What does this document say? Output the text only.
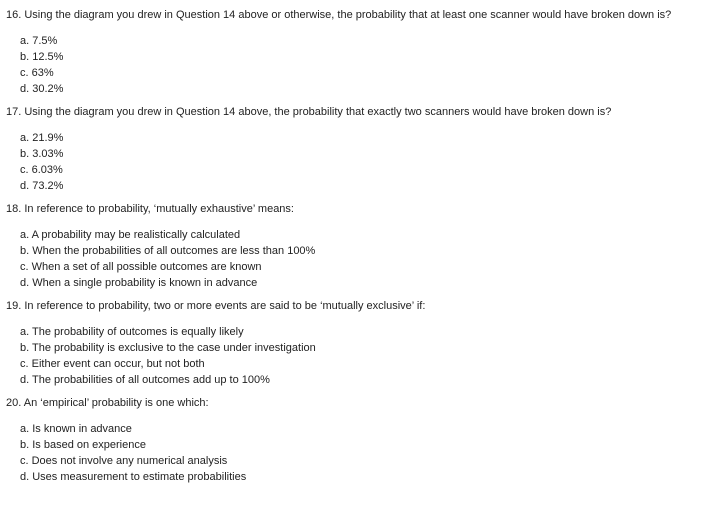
16. Using the diagram you drew in Question 14 above or otherwise, the probability that at least one scanner would have broken down is?
a. 7.5%
b. 12.5%
c. 63%
d. 30.2%
17. Using the diagram you drew in Question 14 above, the probability that exactly two scanners would have broken down is?
a. 21.9%
b. 3.03%
c. 6.03%
d. 73.2%
18. In reference to probability, ‘mutually exhaustive’ means:
a. A probability may be realistically calculated
b. When the probabilities of all outcomes are less than 100%
c. When a set of all possible outcomes are known
d. When a single probability is known in advance
19. In reference to probability, two or more events are said to be ‘mutually exclusive’ if:
a. The probability of outcomes is equally likely
b. The probability is exclusive to the case under investigation
c. Either event can occur, but not both
d. The probabilities of all outcomes add up to 100%
20. An ‘empirical’ probability is one which:
a. Is known in advance
b. Is based on experience
c. Does not involve any numerical analysis
d. Uses measurement to estimate probabilities
